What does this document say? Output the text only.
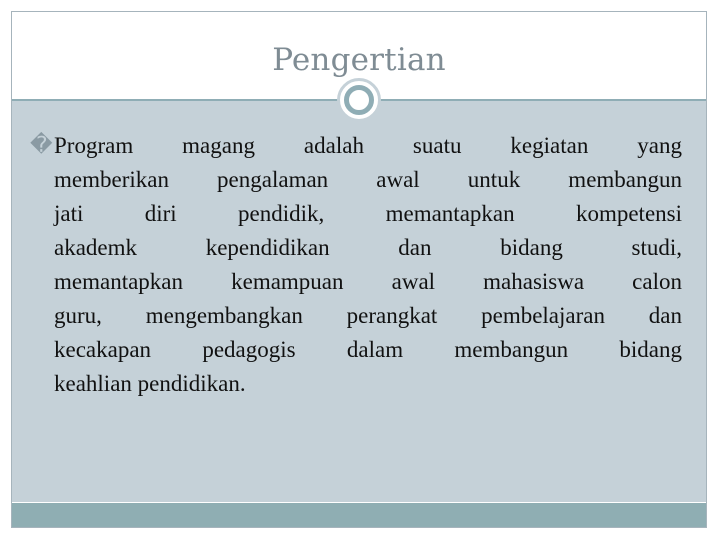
Pengertian
� Program magang adalah suatu kegiatan yang
memberikan pengalaman awal untuk membangun
jati diri pendidik, memantapkan kompetensi
akademk kependidikan dan bidang studi,
memantapkan kemampuan awal mahasiswa calon
guru, mengembangkan perangkat pembelajaran dan
kecakapan pedagogis dalam membangun bidang
keahlian pendidikan.
